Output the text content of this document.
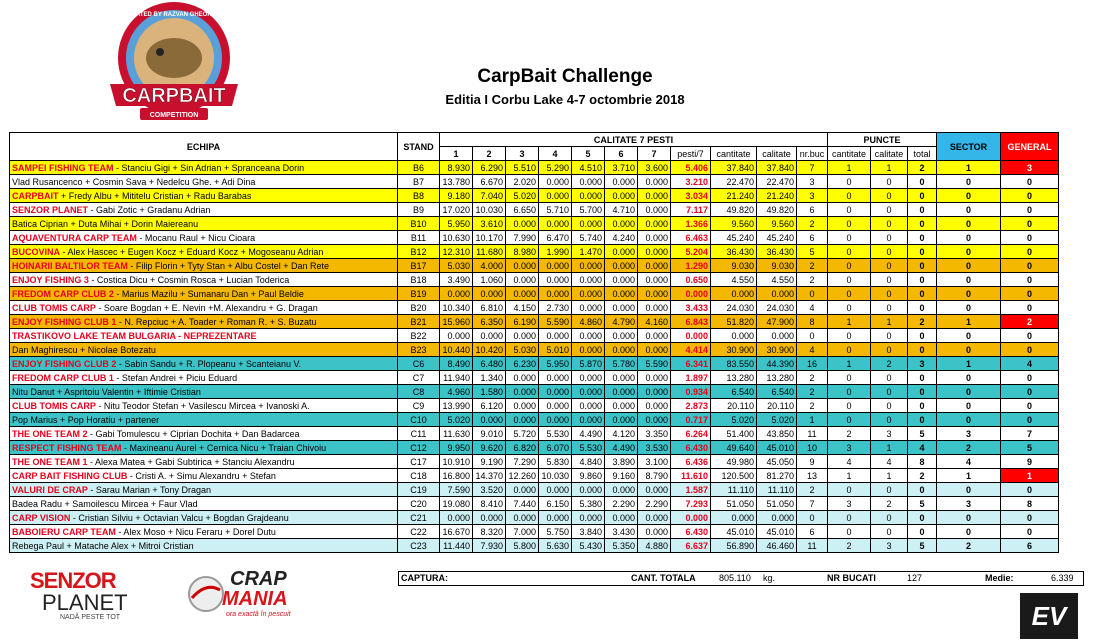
CREATED BY RAZVAN GHEORGHE
CARPBAIT
COMPETITION
CarpBait Challenge
Editia I Corbu Lake 4-7 octombrie 2018
ECHIPA	STAND	CALITATE 7 PESTI											PUNCTE			SECTOR	GENERAL
		1	2	3	4	5	6	7	pesti/7	cantitate	calitate	nr.buc	cantitate	calitate	total		
SAMPEI FISHING TEAM - Stanciu Gigi + Sin Adrian + Spranceana Dorin	B6	8.930	6.290	5.510	5.290	4.510	3.710	3.600	5.406	37.840	37.840	7	1	1	2	1	3
Vlad Rusancenco + Cosmin Sava + Nedelcu Ghe. + Adi Dina	B7	13.780	6.670	2.020	0.000	0.000	0.000	0.000	3.210	22.470	22.470	3	0	0	0	0	0
CARPBAIT + Fredy Albu + Mititelu Cristian + Radu Barabas	B8	9.180	7.040	5.020	0.000	0.000	0.000	0.000	3.034	21.240	21.240	3	0	0	0	0	0
SENZOR PLANET - Gabi Zotic + Gradanu Adrian	B9	17.020	10.030	6.650	5.710	5.700	4.710	0.000	7.117	49.820	49.820	6	0	0	0	0	0
Batica Ciprian + Duta Mihai + Dorin Maiereanu	B10	5.950	3.610	0.000	0.000	0.000	0.000	0.000	1.366	9.560	9.560	2	0	0	0	0	0
AQUAVENTURA CARP TEAM - Mocanu Raul + Nicu Cioara	B11	10.630	10.170	7.990	6.470	5.740	4.240	0.000	6.463	45.240	45.240	6	0	0	0	0	0
BUCOVINA - Alex Hascec + Eugen Kocz + Eduard Kocz + Mogoseanu Adrian	B12	12.310	11.680	8.980	1.990	1.470	0.000	0.000	5.204	36.430	36.430	5	0	0	0	0	0
HOINARII BALTILOR TEAM - Filip Florin + Tyty Stan + Albu Costel + Dan Rete	B17	5.030	4.000	0.000	0.000	0.000	0.000	0.000	1.290	9.030	9.030	2	0	0	0	0	0
ENJOY FISHING 3 - Costica Dicu + Cosmin Rosca + Lucian Toderica	B18	3.490	1.060	0.000	0.000	0.000	0.000	0.000	0.650	4.550	4.550	2	0	0	0	0	0
FREDOM CARP CLUB 2 - Marius Mazilu + Sumanaru Dan + Paul Beldie	B19	0.000	0.000	0.000	0.000	0.000	0.000	0.000	0.000	0.000	0.000	0	0	0	0	0	0
CLUB TOMIS CARP - Soare Bogdan + E. Nevin +M. Alexandru + G. Dragan	B20	10.340	6.810	4.150	2.730	0.000	0.000	0.000	3.433	24.030	24.030	4	0	0	0	0	0
ENJOY FISHING CLUB 1 - N. Repciuc + A. Toader + Roman R. + S. Buzatu	B21	15.960	6.350	6.190	5.590	4.860	4.790	4.160	6.843	51.820	47.900	8	1	1	2	1	2
TRASTIKOVO LAKE TEAM BULGARIA - NEPREZENTARE	B22	0.000	0.000	0.000	0.000	0.000	0.000	0.000	0.000	0.000	0.000	0	0	0	0	0	0
Dan Maghirescu + Nicolae Botezatu	B23	10.440	10.420	5.030	5.010	0.000	0.000	0.000	4.414	30.900	30.900	4	0	0	0	0	0
ENJOY FISHING CLUB 2 - Sabin Sandu + R. Plopeanu + Scanteianu V.	C6	8.490	6.480	6.230	5.950	5.870	5.780	5.590	6.341	83.550	44.390	16	1	2	3	1	4
FREDOM CARP CLUB 1 - Stefan Andrei + Piciu Eduard	C7	11.940	1.340	0.000	0.000	0.000	0.000	0.000	1.897	13.280	13.280	2	0	0	0	0	0
Nitu Danut + Aspritoiu Valentin + Iftimie Cristian	C8	4.960	1.580	0.000	0.000	0.000	0.000	0.000	0.934	6.540	6.540	2	0	0	0	0	0
CLUB TOMIS CARP - Nitu Teodor Stefan + Vasilescu Mircea + Ivanoski A.	C9	13.990	6.120	0.000	0.000	0.000	0.000	0.000	2.873	20.110	20.110	2	0	0	0	0	0
Pop Marius + Pop Horatiu + partener	C10	5.020	0.000	0.000	0.000	0.000	0.000	0.000	0.717	5.020	5.020	1	0	0	0	0	0
THE ONE TEAM 2 - Gabi Tomulescu + Ciprian Dochita + Dan Badarcea	C11	11.630	9.010	5.720	5.530	4.490	4.120	3.350	6.264	51.400	43.850	11	2	3	5	3	7
RESPECT FISHING TEAM - Maxineanu Aurel + Cernica Nicu + Traian Chivoiu	C12	9.950	9.620	6.820	6.070	5.530	4.490	3.530	6.430	49.640	45.010	10	3	1	4	2	5
THE ONE TEAM 1 - Alexa Matea + Gabi Subtirica + Stanciu Alexandru	C17	10.910	9.190	7.290	5.830	4.840	3.890	3.100	6.436	49.980	45.050	9	4	4	8	4	9
CARP BAIT FISHING CLUB - Cristi A. + Simu Alexandru + Stefan	C18	16.800	14.370	12.260	10.030	9.860	9.160	8.790	11.610	120.500	81.270	13	1	1	2	1	1
VALURI DE CRAP - Sarau Marian + Tony Dragan	C19	7.590	3.520	0.000	0.000	0.000	0.000	0.000	1.587	11.110	11.110	2	0	0	0	0	0
Badea Radu + Samoilescu Mircea + Faur Vlad	C20	19.080	8.410	7.440	6.150	5.380	2.290	2.290	7.293	51.050	51.050	7	3	2	5	3	8
CARP VISION - Cristian Silviu + Octavian Valcu + Bogdan Grajdeanu	C21	0.000	0.000	0.000	0.000	0.000	0.000	0.000	0.000	0.000	0.000	0	0	0	0	0	0
BABOIERU CARP TEAM - Alex Moso + Nicu Feraru + Dorel Dutu	C22	16.670	8.320	7.000	5.750	3.840	3.430	0.000	6.430	45.010	45.010	6	0	0	0	0	0
Rebega Paul + Matache Alex + Mitroi Cristian	C23	11.440	7.930	5.800	5.630	5.430	5.350	4.880	6.637	56.890	46.460	11	2	3	5	2	6
CAPTURA:	CANT. TOTALA	805.110 kg.	NR BUCATI	127	Medie:	6.339
SENZOR
PLANET
NADĂ PESTE TOT
CRAP
MANIA
ora exactă în pescuit	EV
